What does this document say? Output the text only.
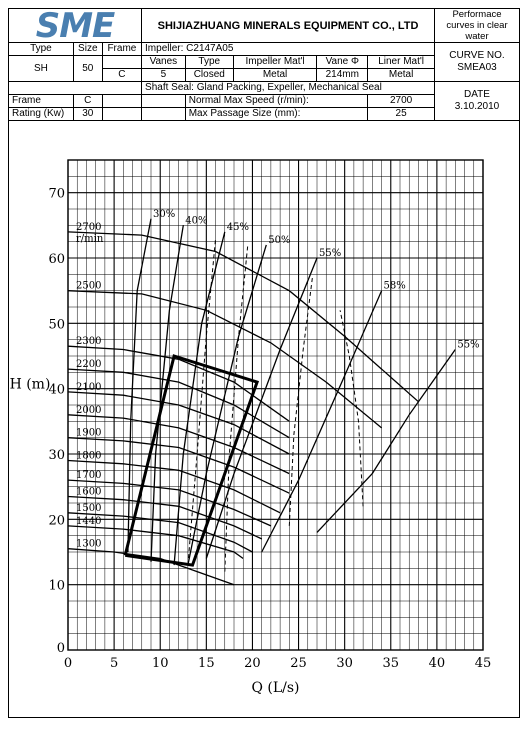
SME			SHIJIAZHUANG MINERALS EQUIPMENT CO., LTD					Performace curves in clear water
Type	Size	Frame	Impeller: C2147A05					CURVE NO.
SMEA03

SH	50		Vanes	Type	Impeller Mat'l	Vane Φ	Liner Mat'l	
		C	5	Closed	Metal	214mm	Metal	
			Shaft Seal: Gland Packing, Expeller, Mechanical Seal					DATE
3.10.2010

Frame	C			Normal Max Speed (r/min):			2700	
Rating (Kw)	30			Max Passage Size (mm):			25	
0	5	10 15 20 25 30 35 40 45
10
20
30
40
50
60
70
0
2700
2500
2300
2200
2100
2000
1900
1800
1700
1600
1500
1440
1300
r/min
30%
40%
45%
50%
55%
58%
55%
H (m)
Q (L/s)
